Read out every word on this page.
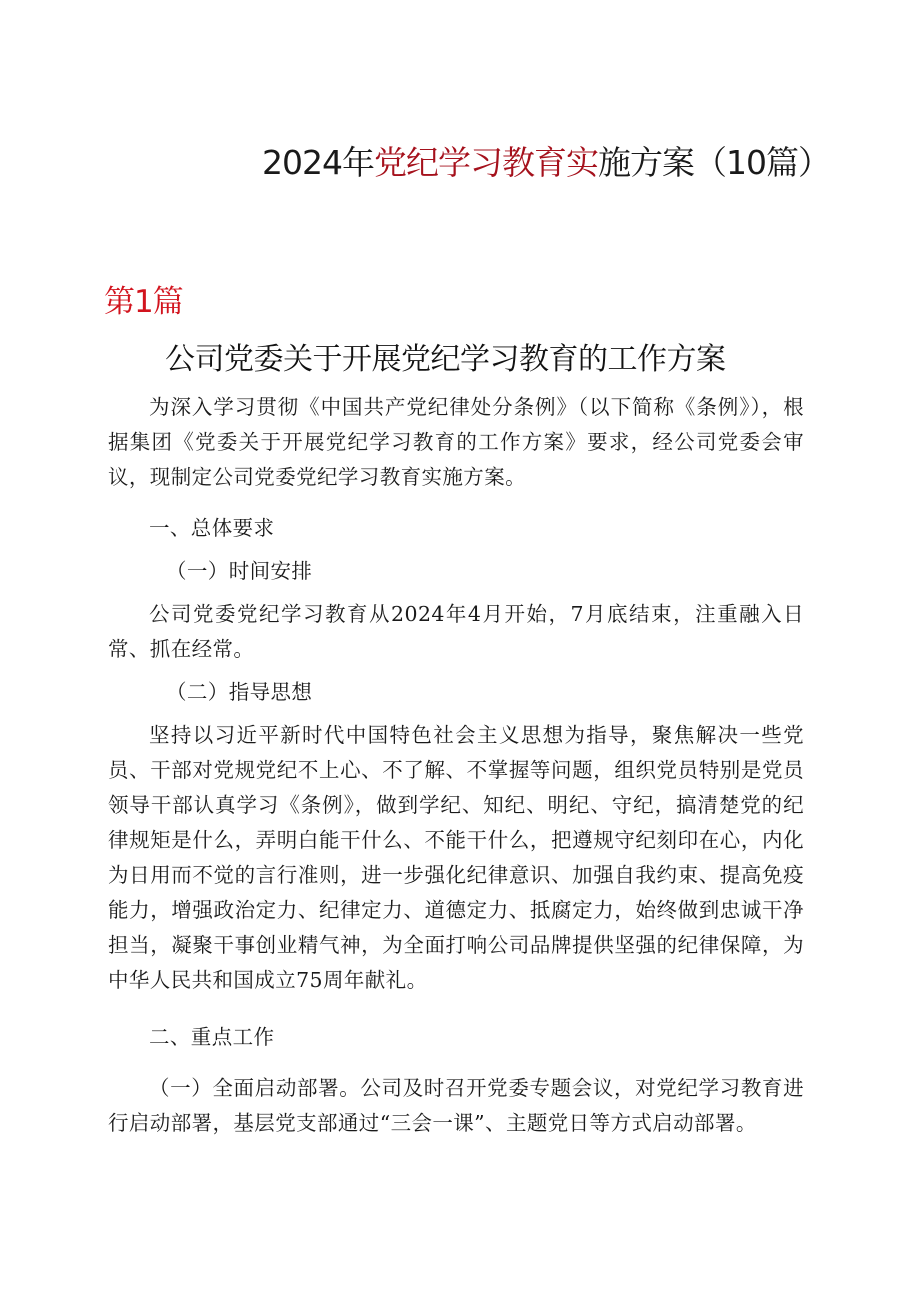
2024年党纪学习教育实施方案（10篇）
第1篇
公司党委关于开展党纪学习教育的工作方案

为深入学习贯彻《中国共产党纪律处分条例》（以下简称《条例》），根据集团《党委关于开展党纪学习教育的工作方案》要求，经公司党委会审议，现制定公司党委党纪学习教育实施方案。

一、总体要求

（一）时间安排

公司党委党纪学习教育从2024年4月开始，7月底结束，注重融入日常、抓在经常。

（二）指导思想

坚持以习近平新时代中国特色社会主义思想为指导，聚焦解决一些党员、干部对党规党纪不上心、不了解、不掌握等问题，组织党员特别是党员领导干部认真学习《条例》，做到学纪、知纪、明纪、守纪，搞清楚党的纪律规矩是什么，弄明白能干什么、不能干什么，把遵规守纪刻印在心，内化为日用而不觉的言行准则，进一步强化纪律意识、加强自我约束、提高免疫能力，增强政治定力、纪律定力、道德定力、抵腐定力，始终做到忠诚干净担当，凝聚干事创业精气神，为全面打响公司品牌提供坚强的纪律保障，为中华人民共和国成立75周年献礼。

二、重点工作

（一）全面启动部署。公司及时召开党委专题会议，对党纪学习教育进行启动部署，基层党支部通过“三会一课”、主题党日等方式启动部署。
